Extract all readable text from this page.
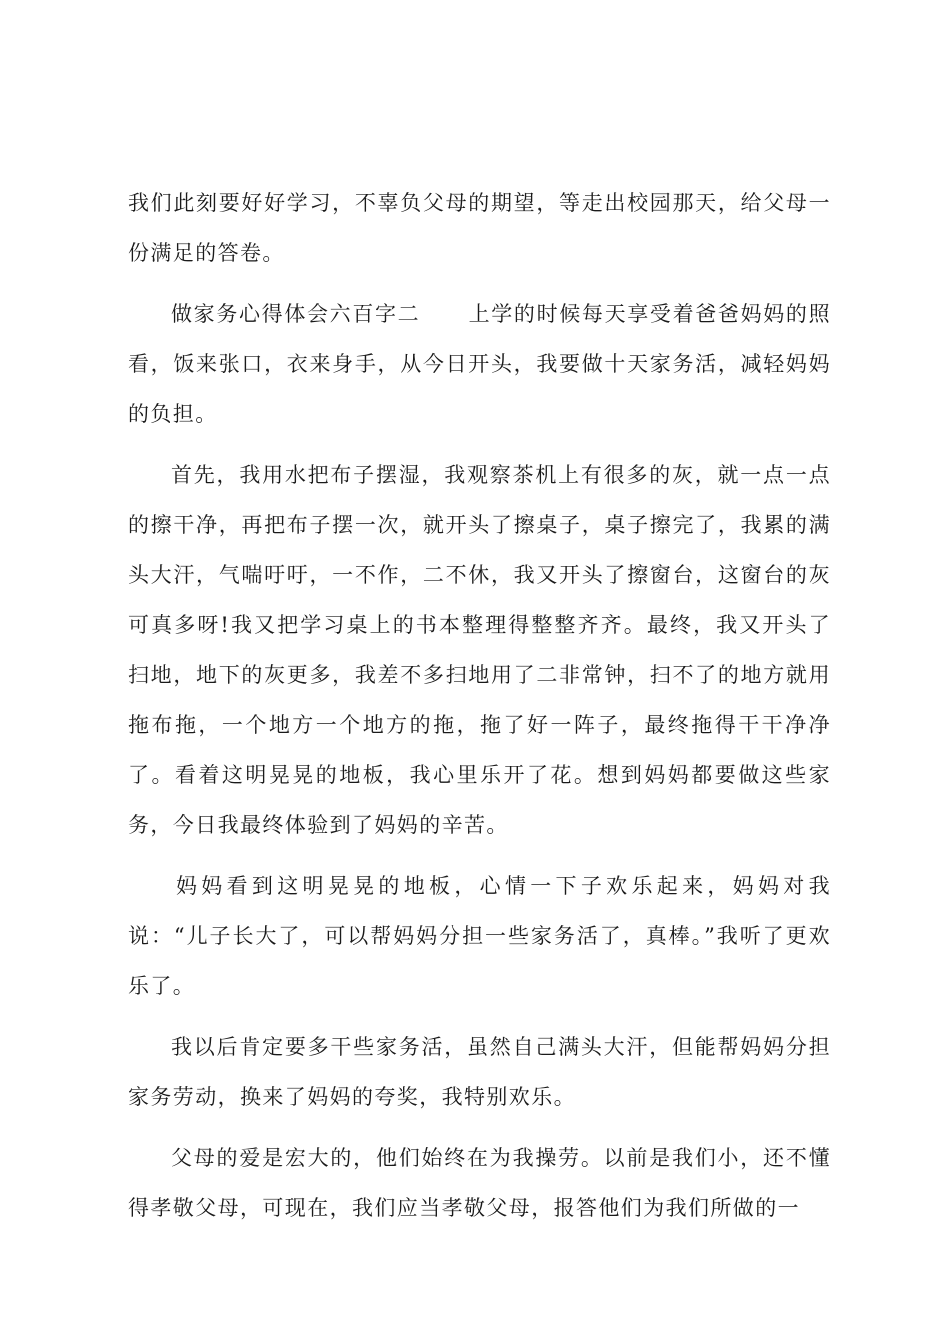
我们此刻要好好学习，不辜负父母的期望，等走出校园那天，给父母一份满足的答卷。

做家务心得体会六百字二 上学的时候每天享受着爸爸妈妈的照看，饭来张口，衣来身手，从今日开头，我要做十天家务活，减轻妈妈的负担。

首先，我用水把布子摆湿，我观察茶机上有很多的灰，就一点一点的擦干净，再把布子摆一次，就开头了擦桌子，桌子擦完了，我累的满头大汗，气喘吁吁，一不作，二不休，我又开头了擦窗台，这窗台的灰可真多呀!我又把学习桌上的书本整理得整整齐齐。最终，我又开头了扫地，地下的灰更多，我差不多扫地用了二非常钟，扫不了的地方就用拖布拖，一个地方一个地方的拖，拖了好一阵子，最终拖得干干净净了。看着这明晃晃的地板，我心里乐开了花。想到妈妈都要做这些家务，今日我最终体验到了妈妈的辛苦。

妈妈看到这明晃晃的地板，心情一下子欢乐起来，妈妈对我说：“儿子长大了，可以帮妈妈分担一些家务活了，真棒。”我听了更欢乐了。

我以后肯定要多干些家务活，虽然自己满头大汗，但能帮妈妈分担家务劳动，换来了妈妈的夸奖，我特别欢乐。

父母的爱是宏大的，他们始终在为我操劳。以前是我们小，还不懂得孝敬父母，可现在，我们应当孝敬父母，报答他们为我们所做的一
